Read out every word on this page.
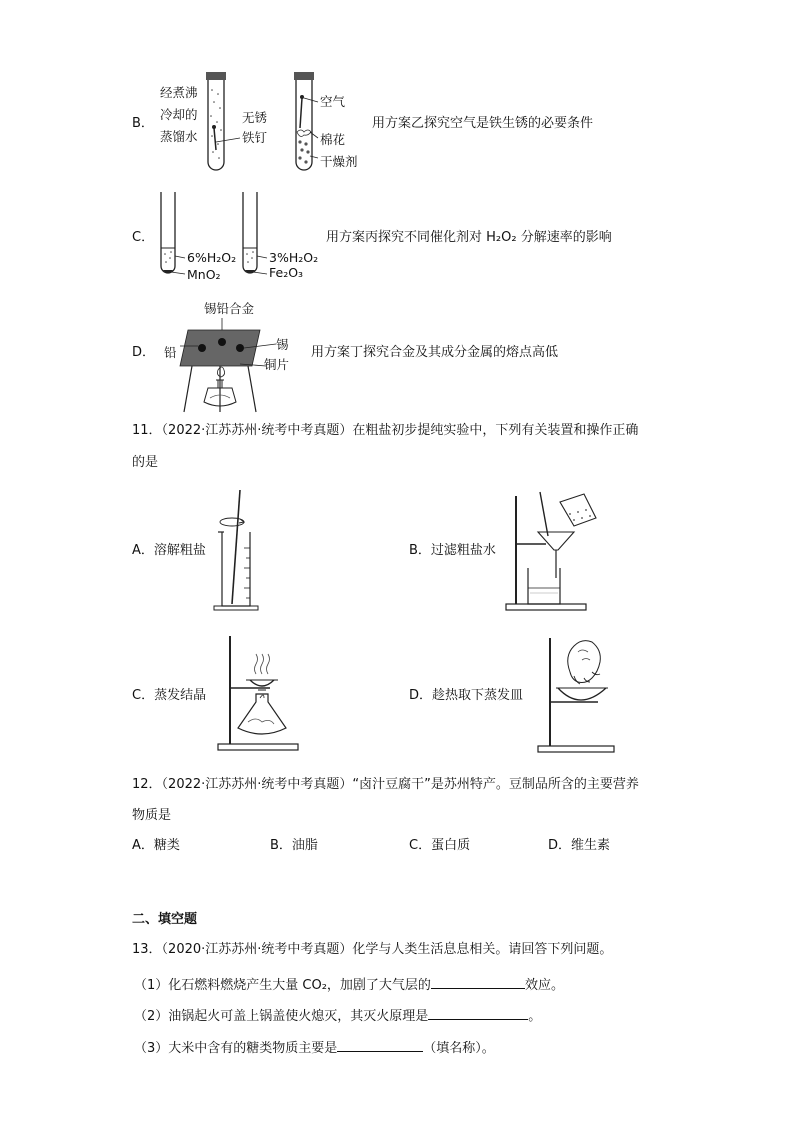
B．
经煮沸
冷却的
蒸馏水
无锈
铁钉
空气
棉花
干燥剂
用方案乙探究空气是铁生锈的必要条件
C．
6%H₂O₂
MnO₂
3%H₂O₂
Fe₂O₃
用方案丙探究不同催化剂对 H₂O₂ 分解速率的影响
D．
锡铅合金
铅
锡
铜片
用方案丁探究合金及其成分金属的熔点高低
11．（2022·江苏苏州·统考中考真题）在粗盐初步提纯实验中，下列有关装置和操作正确
的是
A．溶解粗盐	B．过滤粗盐水
C．蒸发结晶	D．趁热取下蒸发皿
12．（2022·江苏苏州·统考中考真题）“卤汁豆腐干”是苏州特产。豆制品所含的主要营养
物质是
A．糖类	B．油脂	C．蛋白质	D．维生素
二、填空题
13．（2020·江苏苏州·统考中考真题）化学与人类生活息息相关。请回答下列问题。
（1）化石燃料燃烧产生大量 CO₂，加剧了大气层的	效应。
（2）油锅起火可盖上锅盖使火熄灭，其灭火原理是	。
（3）大米中含有的糖类物质主要是	（填名称）。
